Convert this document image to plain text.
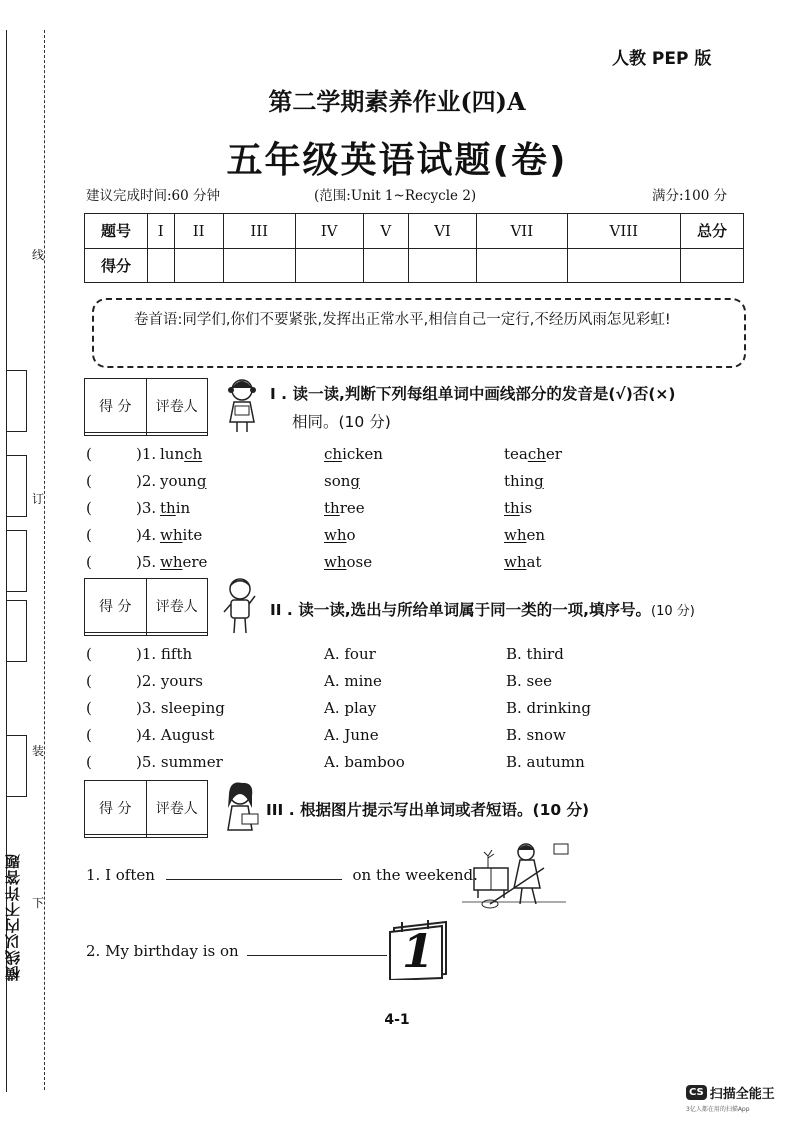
线
订
装
下
横线以内不许答题
人教 PEP 版
第二学期素养作业(四)A
五年级英语试题(卷)
建议完成时间:60 分钟	(范围:Unit 1~Recycle 2)	满分:100 分
题号	I	II	III	IV	V	VI	VII	VIII	总分
得分									
卷首语:同学们,你们不要紧张,发挥出正常水平,相信自己一定行,不经历风雨怎见彩虹!
得 分	评卷人

I . 读一读,判断下列每组单词中画线部分的发音是(√)否(×)
相同。(10 分)
(	)1. lunch	chicken	teacher
(	)2. young	song	thing
(	)3. thin	three	this
(	)4. white	who	when
(	)5. where	whose	what
得 分	评卷人
		II . 读一读,选出与所给单词属于同一类的一项,填序号。(10 分)
(	)1. fifth	A. four	B. third
(	)2. yours	A. mine	B. see
(	)3. sleeping	A. play	B. drinking
(	)4. August	A. June	B. snow
(	)5. summer	A. bamboo	B. autumn
得 分	评卷人
		III . 根据图片提示写出单词或者短语。(10 分)
1. I often	on the weekend.
2. My birthday is on	1
4-1
CS 扫描全能王
3亿人都在用的扫描App
